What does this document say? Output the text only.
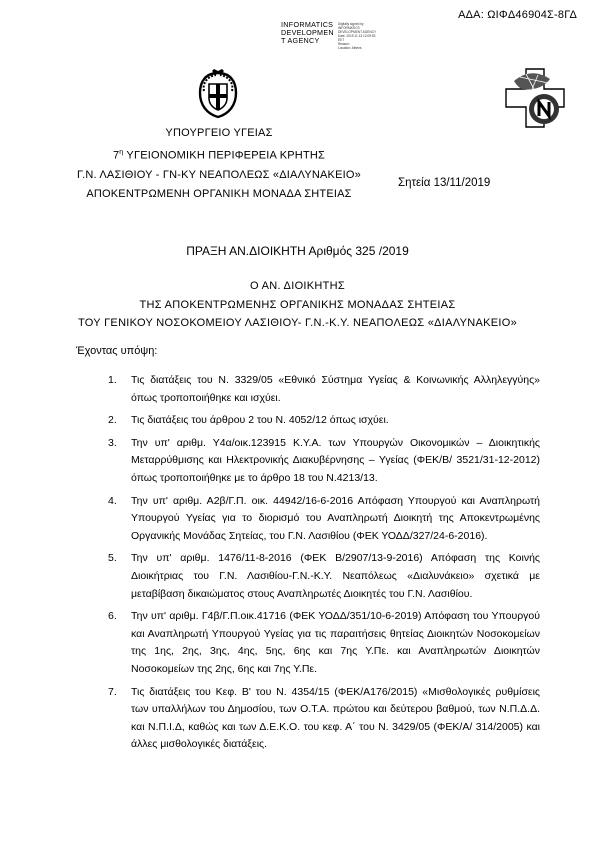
ΑΔΑ: ΩΙΦΔ46904Σ-8ΓΔ
INFORMATICS
DEVELOPMEN
T AGENCY
Digitally signed by
INFORMATICS
DEVELOPMENT AGENCY
Date: 2019.11.13 12:09:53
EET
Reason:
Location: Athens
ΥΠΟΥΡΓΕΙΟ ΥΓΕΙΑΣ
$7^\eta$ ΥΓΕΙΟΝΟΜΙΚΗ ΠΕΡΙΦΕΡΕΙΑ ΚΡΗΤΗΣ
Γ.Ν. ΛΑΣΙΘΙΟΥ - ΓΝ-ΚΥ ΝΕΑΠΟΛΕΩΣ «ΔΙΑΛΥΝΑΚΕΙΟ»
ΑΠΟΚΕΝΤΡΩΜΕΝΗ ΟΡΓΑΝΙΚΗ ΜΟΝΑΔΑ ΣΗΤΕΙΑΣ
Σητεία 13/11/2019
ΠΡΑΞΗ ΑΝ.ΔΙΟΙΚΗΤΗ Αριθμός 325 /2019
Ο ΑΝ. ΔΙΟΙΚΗΤΗΣ
ΤΗΣ ΑΠΟΚΕΝΤΡΩΜΕΝΗΣ ΟΡΓΑΝΙΚΗΣ ΜΟΝΑΔΑΣ ΣΗΤΕΙΑΣ
ΤΟΥ ΓΕΝΙΚΟΥ ΝΟΣΟΚΟΜΕΙΟΥ ΛΑΣΙΘΙΟΥ- Γ.Ν.-Κ.Υ. ΝΕΑΠΟΛΕΩΣ «ΔΙΑΛΥΝΑΚΕΙΟ»
Έχοντας υπόψη:
1. Τις διατάξεις του Ν. 3329/05 «Εθνικό Σύστημα Υγείας & Κοινωνικής Αλληλεγγύης» όπως τροποποιήθηκε και ισχύει.
2. Τις διατάξεις του άρθρου 2 του Ν. 4052/12 όπως ισχύει.
3. Την υπ' αριθμ. Υ4α/οικ.123915 Κ.Υ.Α. των Υπουργών Οικονομικών – Διοικητικής Μεταρρύθμισης και Ηλεκτρονικής Διακυβέρνησης – Υγείας (ΦΕΚ/Β/ 3521/31-12-2012) όπως τροποποιήθηκε με το άρθρο 18 του Ν.4213/13.
4. Την υπ' αριθμ. Α2β/Γ.Π. οικ. 44942/16-6-2016 Απόφαση Υπουργού και Αναπληρωτή Υπουργού Υγείας για το διορισμό του Αναπληρωτή Διοικητή της Αποκεντρωμένης Οργανικής Μονάδας Σητείας, του Γ.Ν. Λασιθίου (ΦΕΚ ΥΟΔΔ/327/24-6-2016).
5. Την υπ' αριθμ. 1476/11-8-2016 (ΦΕΚ Β/2907/13-9-2016) Απόφαση της Κοινής Διοικήτριας του Γ.Ν. Λασιθίου-Γ.Ν.-Κ.Υ. Νεαπόλεως «Διαλυνάκειο» σχετικά με μεταβίβαση δικαιώματος στους Αναπληρωτές Διοικητές του Γ.Ν. Λασιθίου.
6. Την υπ' αριθμ. Γ4β/Γ.Π.οικ.41716 (ΦΕΚ ΥΟΔΔ/351/10-6-2019) Απόφαση του Υπουργού και Αναπληρωτή Υπουργού Υγείας για τις παραιτήσεις θητείας Διοικητών Νοσοκομείων της 1ης, 2ης, 3ης, 4ης, 5ης, 6ης και 7ης Υ.Πε. και Αναπληρωτών Διοικητών Νοσοκομείων της 2ης, 6ης και 7ης Υ.Πε.
7. Τις διατάξεις του Κεφ. Β' του Ν. 4354/15 (ΦΕΚ/Α176/2015) «Μισθολογικές ρυθμίσεις των υπαλλήλων του Δημοσίου, των Ο.Τ.Α. πρώτου και δεύτερου βαθμού, των Ν.Π.Δ.Δ. και Ν.Π.Ι.Δ, καθώς και των Δ.Ε.Κ.Ο. του κεφ. Α΄ του Ν. 3429/05 (ΦΕΚ/Α/ 314/2005) και άλλες μισθολογικές διατάξεις.
